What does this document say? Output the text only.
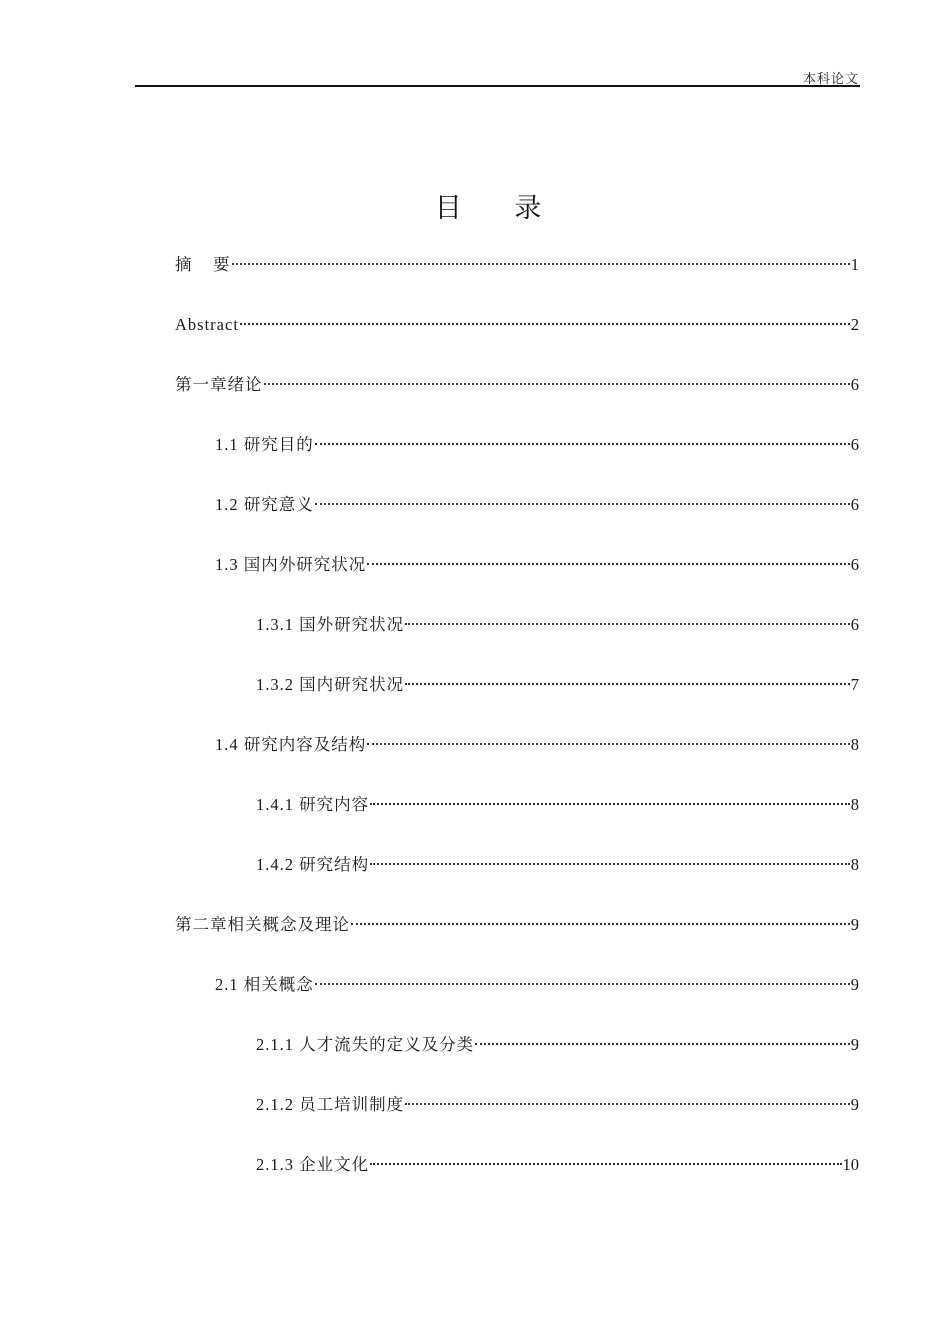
本科论文
目 录
摘    要	1
Abstract	2
第一章绪论	6
1.1 研究目的	6
1.2 研究意义	6
1.3 国内外研究状况	6
1.3.1 国外研究状况	6
1.3.2 国内研究状况	7
1.4 研究内容及结构	8
1.4.1 研究内容	8
1.4.2 研究结构	8
第二章相关概念及理论	9
2.1 相关概念	9
2.1.1 人才流失的定义及分类	9
2.1.2 员工培训制度	9
2.1.3 企业文化	10
